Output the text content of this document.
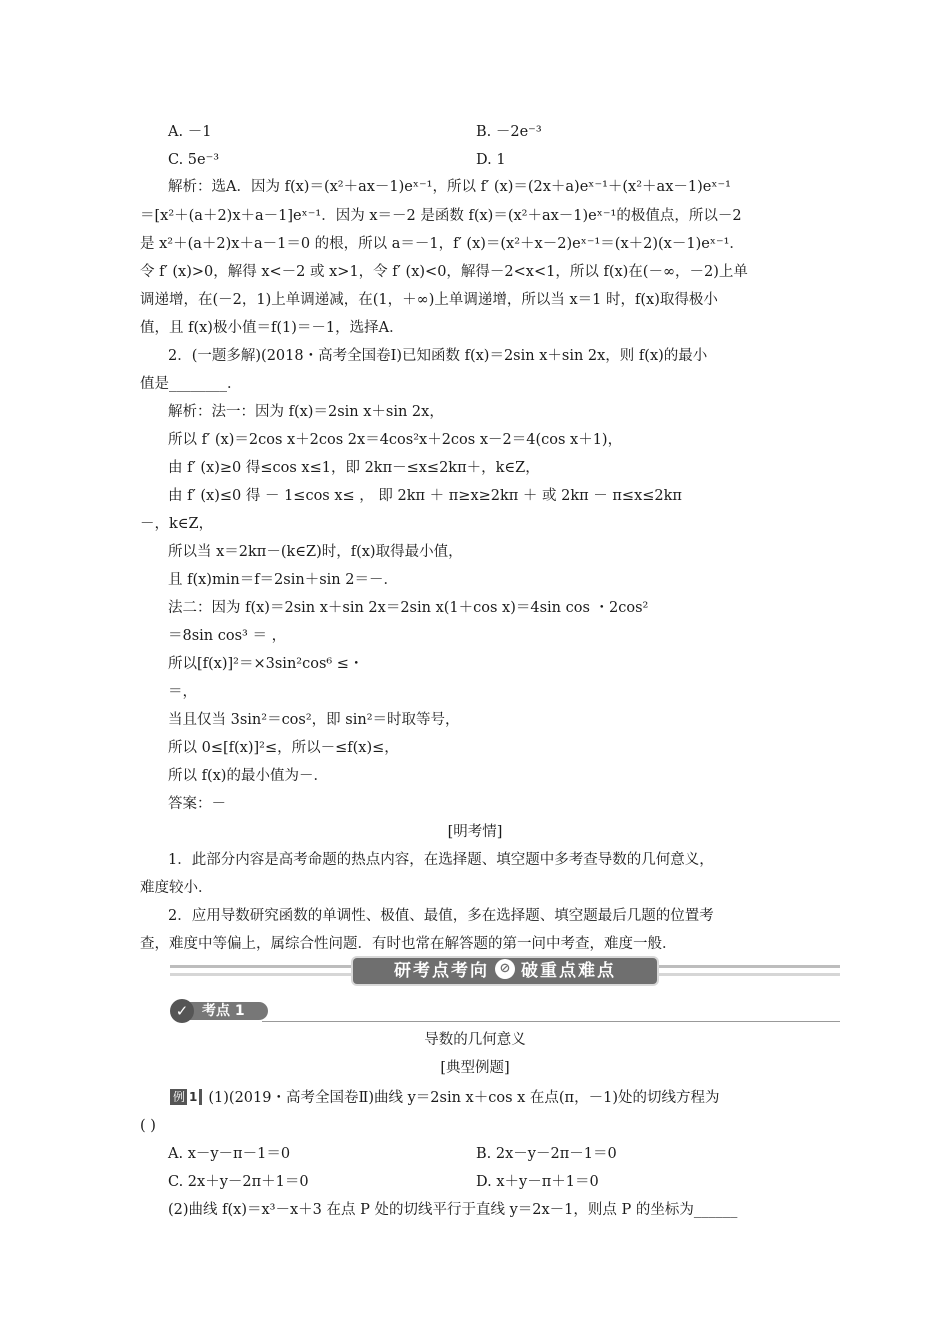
A. －1	B. －2e⁻³
C. 5e⁻³	D. 1
解析：选A．因为 f(x)＝(x²＋ax－1)eˣ⁻¹，所以 f′ (x)＝(2x＋a)eˣ⁻¹＋(x²＋ax－1)eˣ⁻¹
＝[x²＋(a＋2)x＋a－1]eˣ⁻¹．因为 x＝－2 是函数 f(x)＝(x²＋ax－1)eˣ⁻¹的极值点，所以－2
是 x²＋(a＋2)x＋a－1＝0 的根，所以 a＝－1，f′ (x)＝(x²＋x－2)eˣ⁻¹＝(x＋2)(x－1)eˣ⁻¹．
令 f′ (x)>0，解得 x<－2 或 x>1，令 f′ (x)<0，解得－2<x<1，所以 f(x)在(－∞，－2)上单
调递增，在(－2，1)上单调递减，在(1，＋∞)上单调递增，所以当 x＝1 时，f(x)取得极小
值，且 f(x)极小值＝f(1)＝－1，选择A．
2．(一题多解)(2018・高考全国卷Ⅰ)已知函数 f(x)＝2sin x＋sin 2x，则 f(x)的最小
值是________．
解析：法一：因为 f(x)＝2sin x＋sin 2x，
所以 f′ (x)＝2cos x＋2cos 2x＝4cos²x＋2cos x－2＝4(cos x＋1)，
由 f′ (x)≥0 得≤cos x≤1，即 2kπ－≤x≤2kπ＋，k∈Z，
由 f′ (x)≤0 得 － 1≤cos x≤ ， 即 2kπ ＋ π≥x≥2kπ ＋ 或 2kπ － π≤x≤2kπ
－，k∈Z，
所以当 x＝2kπ－(k∈Z)时，f(x)取得最小值，
且 f(x)min＝f＝2sin＋sin 2＝－．
法二：因为 f(x)＝2sin x＋sin 2x＝2sin x(1＋cos x)＝4sin cos ・2cos²
＝8sin cos³ ＝ ，
所以[f(x)]²＝×3sin²cos⁶ ≤・
＝，
当且仅当 3sin²＝cos²，即 sin²＝时取等号，
所以 0≤[f(x)]²≤，所以－≤f(x)≤，
所以 f(x)的最小值为－．
答案：－
[明考情]
1．此部分内容是高考命题的热点内容，在选择题、填空题中多考查导数的几何意义，
难度较小．
2．应用导数研究函数的单调性、极值、最值，多在选择题、填空题最后几题的位置考
查，难度中等偏上，属综合性问题．有时也常在解答题的第一问中考查，难度一般．
研考点考向 ⊘ 破重点难点
考点 1
✓
导数的几何意义
[典型例题]
例 1 (1)(2019・高考全国卷Ⅱ)曲线 y＝2sin x＋cos x 在点(π，－1)处的切线方程为
( )
A. x－y－π－1＝0	B. 2x－y－2π－1＝0
C. 2x＋y－2π＋1＝0	D. x＋y－π＋1＝0
(2)曲线 f(x)＝x³－x＋3 在点 P 处的切线平行于直线 y＝2x－1，则点 P 的坐标为______
